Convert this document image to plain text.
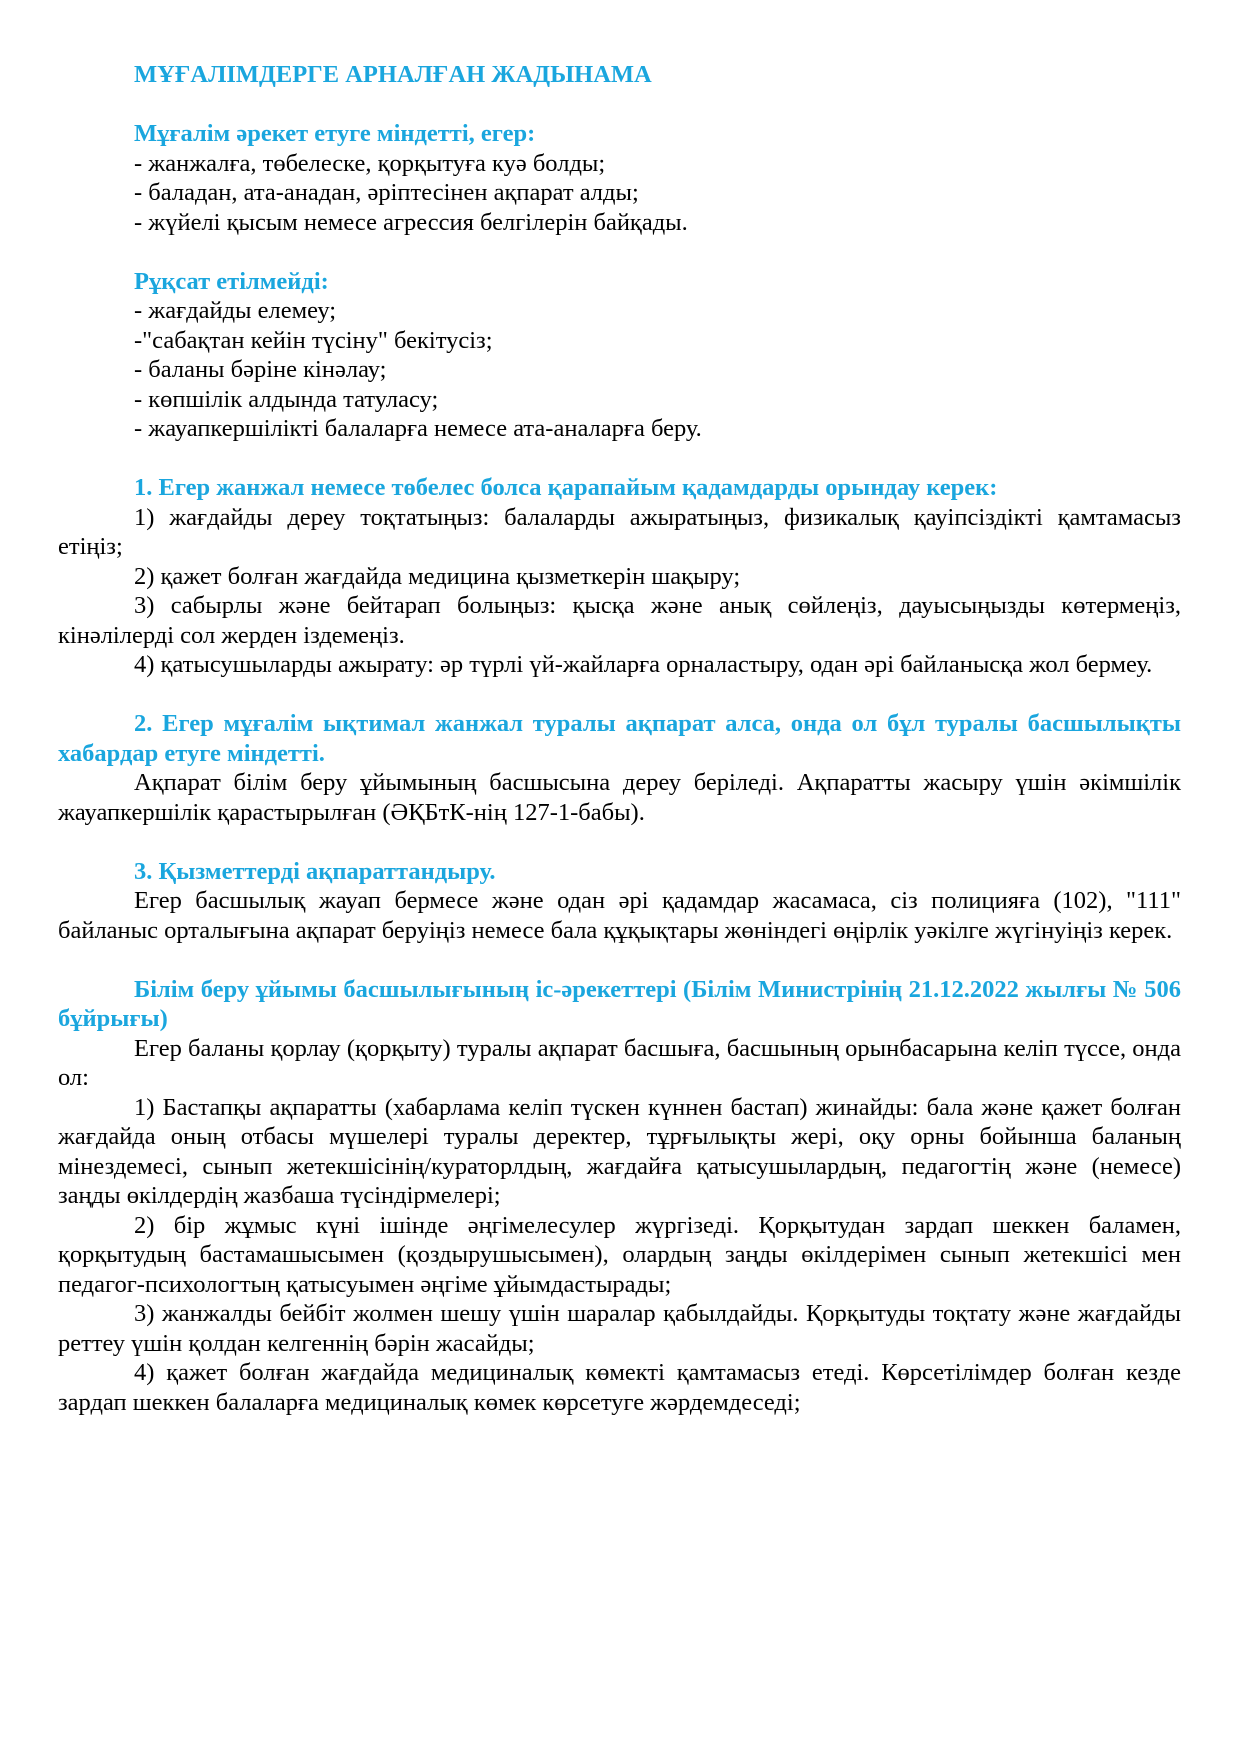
МҰҒАЛІМДЕРГЕ АРНАЛҒАН ЖАДЫНАМА
Мұғалім әрекет етуге міндетті, егер:
- жанжалға, төбелеске, қорқытуға куә болды;
- баладан, ата-анадан, әріптесінен ақпарат алды;
- жүйелі қысым немесе агрессия белгілерін байқады.
Рұқсат етілмейді:
- жағдайды елемеу;
-"сабақтан кейін түсіну" бекітусіз;
- баланы бәріне кінәлау;
- көпшілік алдында татуласу;
- жауапкершілікті балаларға немесе ата-аналарға беру.
1. Егер жанжал немесе төбелес болса қарапайым қадамдарды орындау керек:
1) жағдайды дереу тоқтатыңыз: балаларды ажыратыңыз, физикалық қауіпсіздікті қамтамасыз етіңіз;
2) қажет болған жағдайда медицина қызметкерін шақыру;
3) сабырлы және бейтарап болыңыз: қысқа және анық сөйлеңіз, дауысыңызды көтермеңіз, кінәлілерді сол жерден іздемеңіз.
4) қатысушыларды ажырату: әр түрлі үй-жайларға орналастыру, одан әрі байланысқа жол бермеу.
2. Егер мұғалім ықтимал жанжал туралы ақпарат алса, онда ол бұл туралы басшылықты хабардар етуге міндетті.
Ақпарат білім беру ұйымының басшысына дереу беріледі. Ақпаратты жасыру үшін әкімшілік жауапкершілік қарастырылған (ӘҚБтК-нің 127-1-бабы).
3. Қызметтерді ақпараттандыру.
Егер басшылық жауап бермесе және одан әрі қадамдар жасамаса, сіз полицияға (102), "111" байланыс орталығына ақпарат беруіңіз немесе бала құқықтары жөніндегі өңірлік уәкілге жүгінуіңіз керек.
Білім беру ұйымы басшылығының іс-әрекеттері (Білім Министрінің 21.12.2022 жылғы № 506 бұйрығы)
Егер баланы қорлау (қорқыту) туралы ақпарат басшыға, басшының орынбасарына келіп түссе, онда ол:
1) Бастапқы ақпаратты (хабарлама келіп түскен күннен бастап) жинайды: бала және қажет болған жағдайда оның отбасы мүшелері туралы деректер, тұрғылықты жері, оқу орны бойынша баланың мінездемесі, сынып жетекшісінің/кураторлдың, жағдайға қатысушылардың, педагогтің және (немесе) заңды өкілдердің жазбаша түсіндірмелері;
2) бір жұмыс күні ішінде әңгімелесулер жүргізеді. Қорқытудан зардап шеккен баламен, қорқытудың бастамашысымен (қоздырушысымен), олардың заңды өкілдерімен сынып жетекшісі мен педагог-психологтың қатысуымен әңгіме ұйымдастырады;
3) жанжалды бейбіт жолмен шешу үшін шаралар қабылдайды. Қорқытуды тоқтату және жағдайды реттеу үшін қолдан келгеннің бәрін жасайды;
4) қажет болған жағдайда медициналық көмекті қамтамасыз етеді. Көрсетілімдер болған кезде зардап шеккен балаларға медициналық көмек көрсетуге жәрдемдеседі;
